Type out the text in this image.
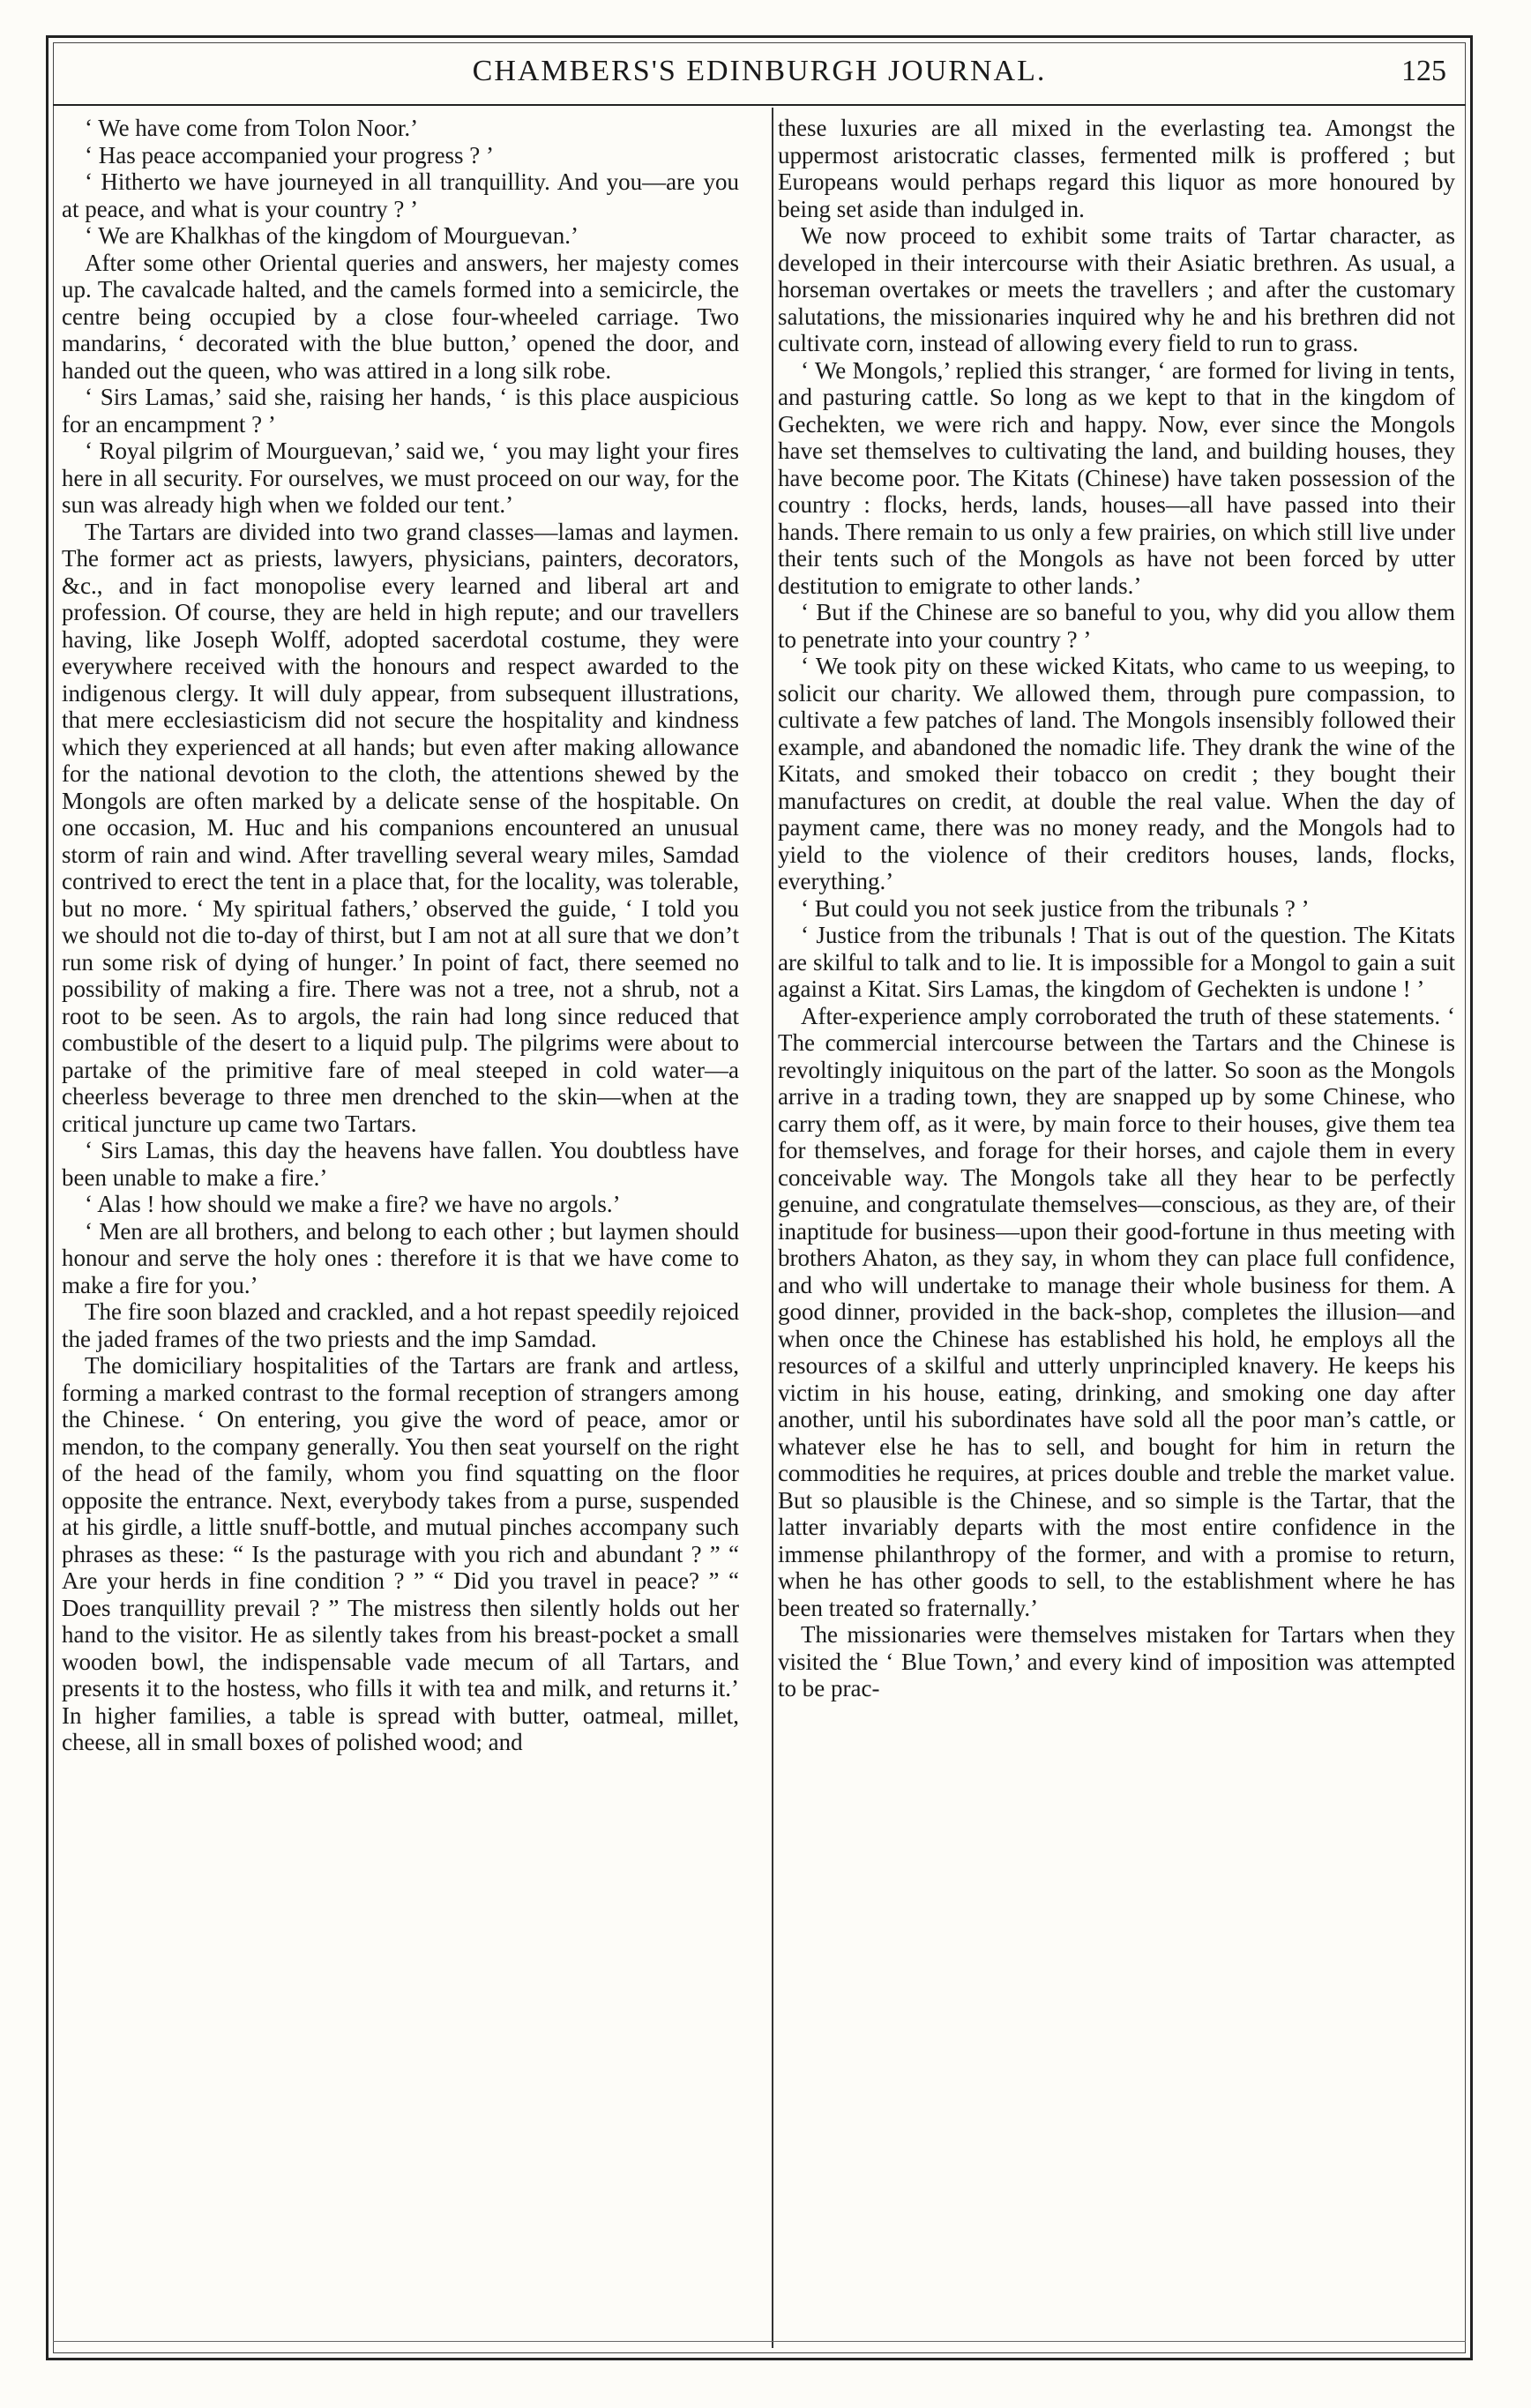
CHAMBERS'S EDINBURGH JOURNAL.	125

‘ We have come from Tolon Noor.’

‘ Has peace accompanied your progress ? ’

‘ Hitherto we have journeyed in all tranquillity. And you—are you at peace, and what is your country ? ’

‘ We are Khalkhas of the kingdom of Mourguevan.’

After some other Oriental queries and answers, her majesty comes up. The cavalcade halted, and the camels formed into a semicircle, the centre being occupied by a close four-wheeled carriage. Two mandarins, ‘ decorated with the blue button,’ opened the door, and handed out the queen, who was attired in a long silk robe.

‘ Sirs Lamas,’ said she, raising her hands, ‘ is this place auspicious for an encampment ? ’

‘ Royal pilgrim of Mourguevan,’ said we, ‘ you may light your fires here in all security. For ourselves, we must proceed on our way, for the sun was already high when we folded our tent.’

The Tartars are divided into two grand classes—lamas and laymen. The former act as priests, lawyers, physicians, painters, decorators, &c., and in fact monopolise every learned and liberal art and profession. Of course, they are held in high repute; and our travellers having, like Joseph Wolff, adopted sacerdotal costume, they were everywhere received with the honours and respect awarded to the indigenous clergy. It will duly appear, from subsequent illustrations, that mere ecclesiasticism did not secure the hospitality and kindness which they experienced at all hands; but even after making allowance for the national devotion to the cloth, the attentions shewed by the Mongols are often marked by a delicate sense of the hospitable. On one occasion, M. Huc and his companions encountered an unusual storm of rain and wind. After travelling several weary miles, Samdad contrived to erect the tent in a place that, for the locality, was tolerable, but no more. ‘ My spiritual fathers,’ observed the guide, ‘ I told you we should not die to-day of thirst, but I am not at all sure that we don’t run some risk of dying of hunger.’ In point of fact, there seemed no possibility of making a fire. There was not a tree, not a shrub, not a root to be seen. As to argols, the rain had long since reduced that combustible of the desert to a liquid pulp. The pilgrims were about to partake of the primitive fare of meal steeped in cold water—a cheerless beverage to three men drenched to the skin—when at the critical juncture up came two Tartars.

‘ Sirs Lamas, this day the heavens have fallen. You doubtless have been unable to make a fire.’

‘ Alas ! how should we make a fire? we have no argols.’

‘ Men are all brothers, and belong to each other ; but laymen should honour and serve the holy ones : therefore it is that we have come to make a fire for you.’

The fire soon blazed and crackled, and a hot repast speedily rejoiced the jaded frames of the two priests and the imp Samdad.

The domiciliary hospitalities of the Tartars are frank and artless, forming a marked contrast to the formal reception of strangers among the Chinese. ‘ On entering, you give the word of peace, amor or mendon, to the company generally. You then seat yourself on the right of the head of the family, whom you find squatting on the floor opposite the entrance. Next, everybody takes from a purse, suspended at his girdle, a little snuff-bottle, and mutual pinches accompany such phrases as these: “ Is the pasturage with you rich and abundant ? ” “ Are your herds in fine condition ? ” “ Did you travel in peace? ” “ Does tranquillity prevail ? ” The mistress then silently holds out her hand to the visitor. He as silently takes from his breast-pocket a small wooden bowl, the indispensable vade mecum of all Tartars, and presents it to the hostess, who fills it with tea and milk, and returns it.’ In higher families, a table is spread with butter, oatmeal, millet, cheese, all in small boxes of polished wood; and

these luxuries are all mixed in the everlasting tea. Amongst the uppermost aristocratic classes, fermented milk is proffered ; but Europeans would perhaps regard this liquor as more honoured by being set aside than indulged in.

We now proceed to exhibit some traits of Tartar character, as developed in their intercourse with their Asiatic brethren. As usual, a horseman overtakes or meets the travellers ; and after the customary salutations, the missionaries inquired why he and his brethren did not cultivate corn, instead of allowing every field to run to grass.

‘ We Mongols,’ replied this stranger, ‘ are formed for living in tents, and pasturing cattle. So long as we kept to that in the kingdom of Gechekten, we were rich and happy. Now, ever since the Mongols have set themselves to cultivating the land, and building houses, they have become poor. The Kitats (Chinese) have taken possession of the country : flocks, herds, lands, houses—all have passed into their hands. There remain to us only a few prairies, on which still live under their tents such of the Mongols as have not been forced by utter destitution to emigrate to other lands.’

‘ But if the Chinese are so baneful to you, why did you allow them to penetrate into your country ? ’

‘ We took pity on these wicked Kitats, who came to us weeping, to solicit our charity. We allowed them, through pure compassion, to cultivate a few patches of land. The Mongols insensibly followed their example, and abandoned the nomadic life. They drank the wine of the Kitats, and smoked their tobacco on credit ; they bought their manufactures on credit, at double the real value. When the day of payment came, there was no money ready, and the Mongols had to yield to the violence of their creditors houses, lands, flocks, everything.’

‘ But could you not seek justice from the tribunals ? ’

‘ Justice from the tribunals ! That is out of the question. The Kitats are skilful to talk and to lie. It is impossible for a Mongol to gain a suit against a Kitat. Sirs Lamas, the kingdom of Gechekten is undone ! ’

After-experience amply corroborated the truth of these statements. ‘ The commercial intercourse between the Tartars and the Chinese is revoltingly iniquitous on the part of the latter. So soon as the Mongols arrive in a trading town, they are snapped up by some Chinese, who carry them off, as it were, by main force to their houses, give them tea for themselves, and forage for their horses, and cajole them in every conceivable way. The Mongols take all they hear to be perfectly genuine, and congratulate themselves—conscious, as they are, of their inaptitude for business—upon their good-fortune in thus meeting with brothers Ahaton, as they say, in whom they can place full confidence, and who will undertake to manage their whole business for them. A good dinner, provided in the back-shop, completes the illusion—and when once the Chinese has established his hold, he employs all the resources of a skilful and utterly unprincipled knavery. He keeps his victim in his house, eating, drinking, and smoking one day after another, until his subordinates have sold all the poor man’s cattle, or whatever else he has to sell, and bought for him in return the commodities he requires, at prices double and treble the market value. But so plausible is the Chinese, and so simple is the Tartar, that the latter invariably departs with the most entire confidence in the immense philanthropy of the former, and with a promise to return, when he has other goods to sell, to the establishment where he has been treated so fraternally.’

The missionaries were themselves mistaken for Tartars when they visited the ‘ Blue Town,’ and every kind of imposition was attempted to be prac-
